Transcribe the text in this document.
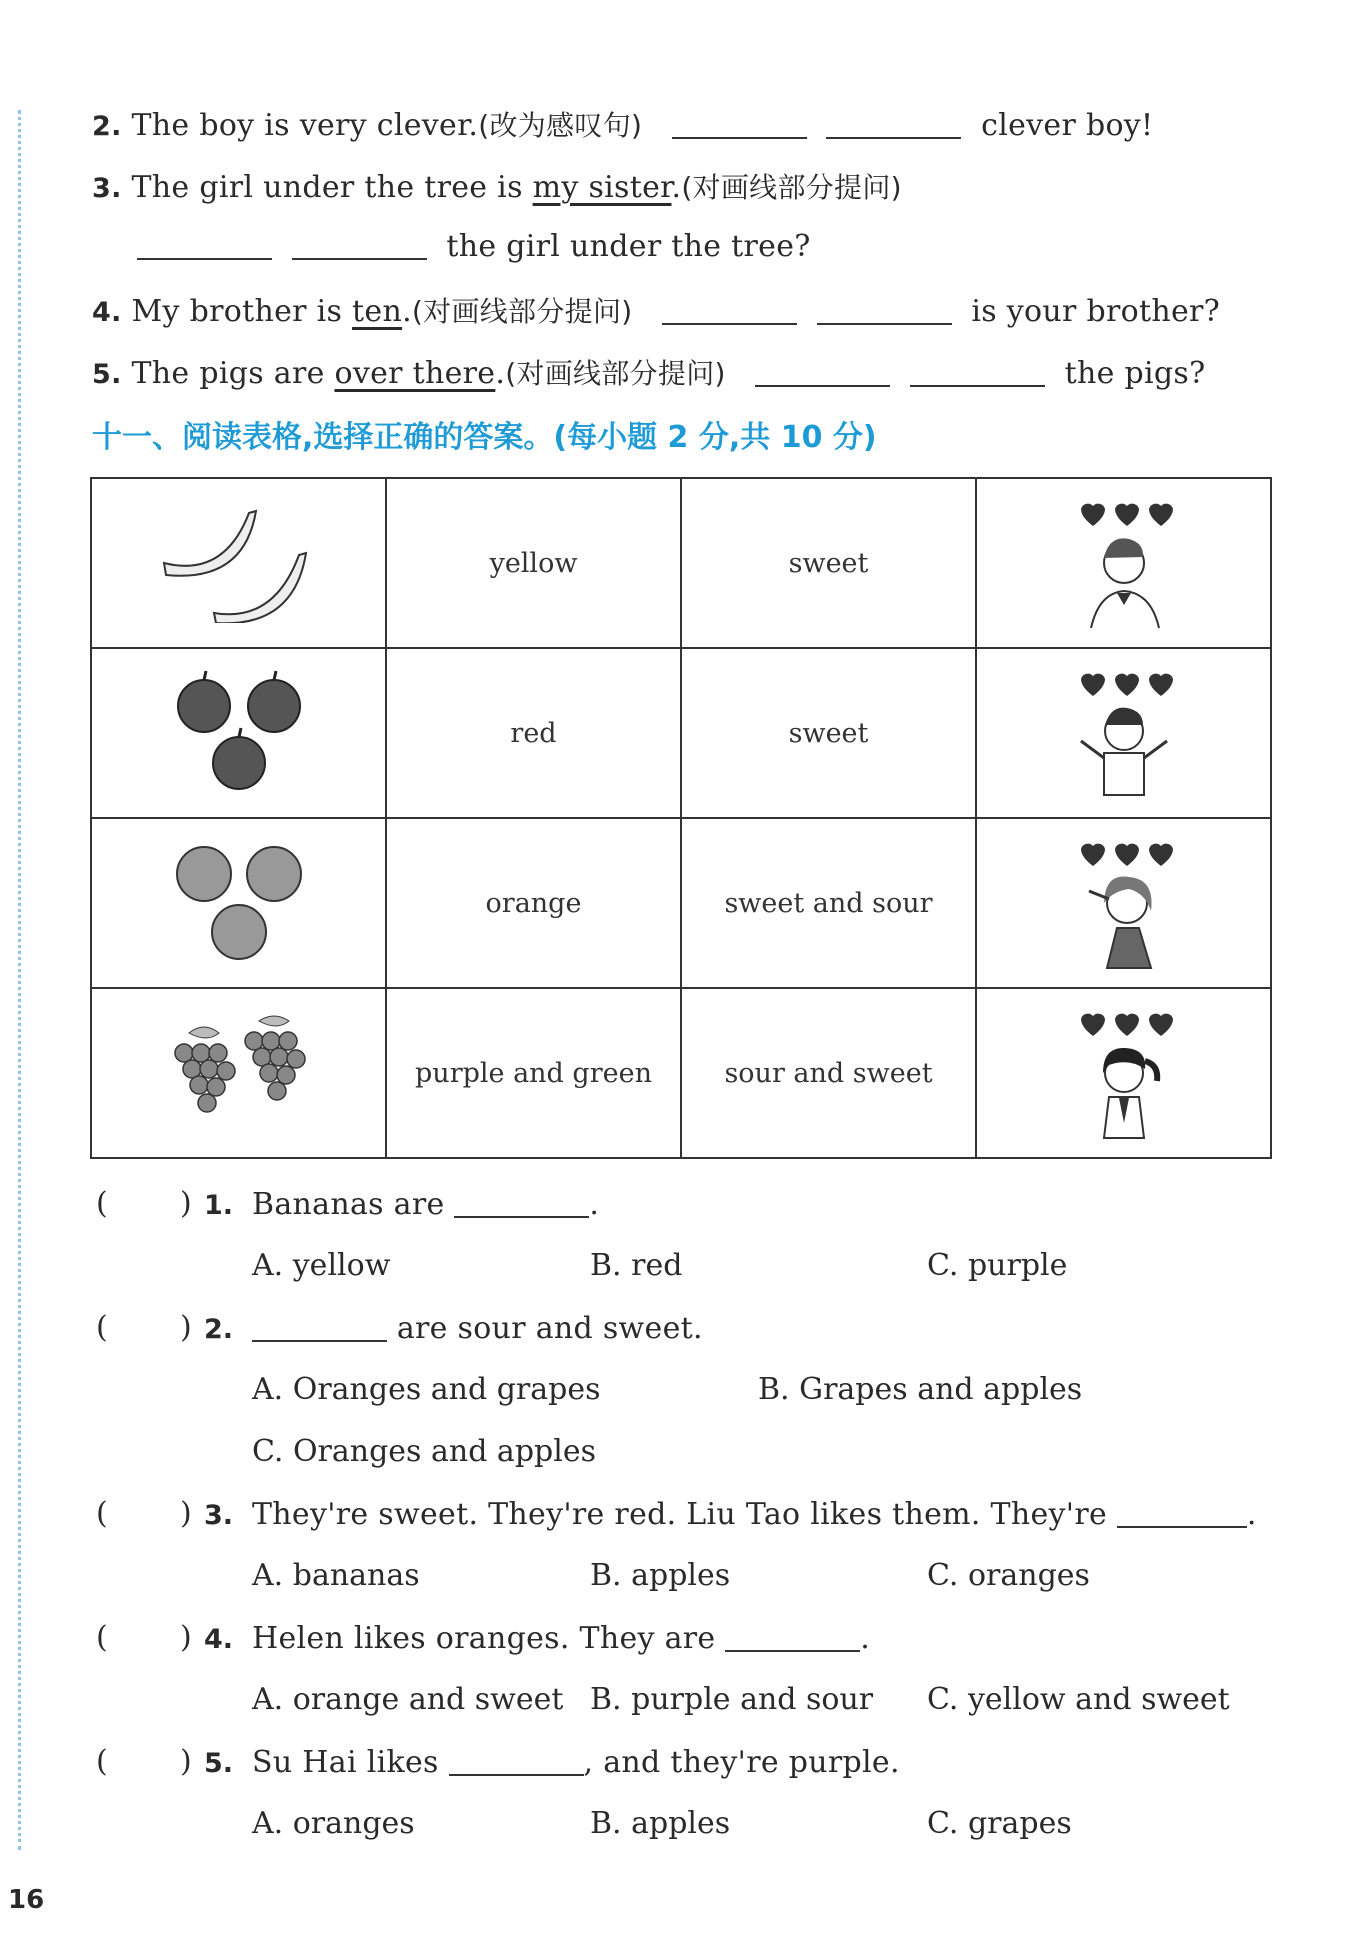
2. The boy is very clever.(改为感叹句)	clever boy!
3. The girl under the tree is my sister.(对画线部分提问)
the girl under the tree?
4. My brother is ten.(对画线部分提问)	is your brother?
5. The pigs are over there.(对画线部分提问)	the pigs?
十一、阅读表格,选择正确的答案。(每小题 2 分,共 10 分)
	yellow	sweet	

	red	sweet	

	orange	sweet and sour	

	purple and green	sour and sweet	
( ) 1. Bananas are	.
A. yellow	B. red	C. purple
( ) 2.	are sour and sweet.
A. Oranges and grapes	B. Grapes and apples
C. Oranges and apples
( ) 3. They're sweet. They're red. Liu Tao likes them. They're	.
A. bananas	B. apples	C. oranges
( ) 4. Helen likes oranges. They are	.
A. orange and sweet B. purple and sour C. yellow and sweet
( ) 5. Su Hai likes	, and they're purple.
A. oranges	B. apples	C. grapes
16
